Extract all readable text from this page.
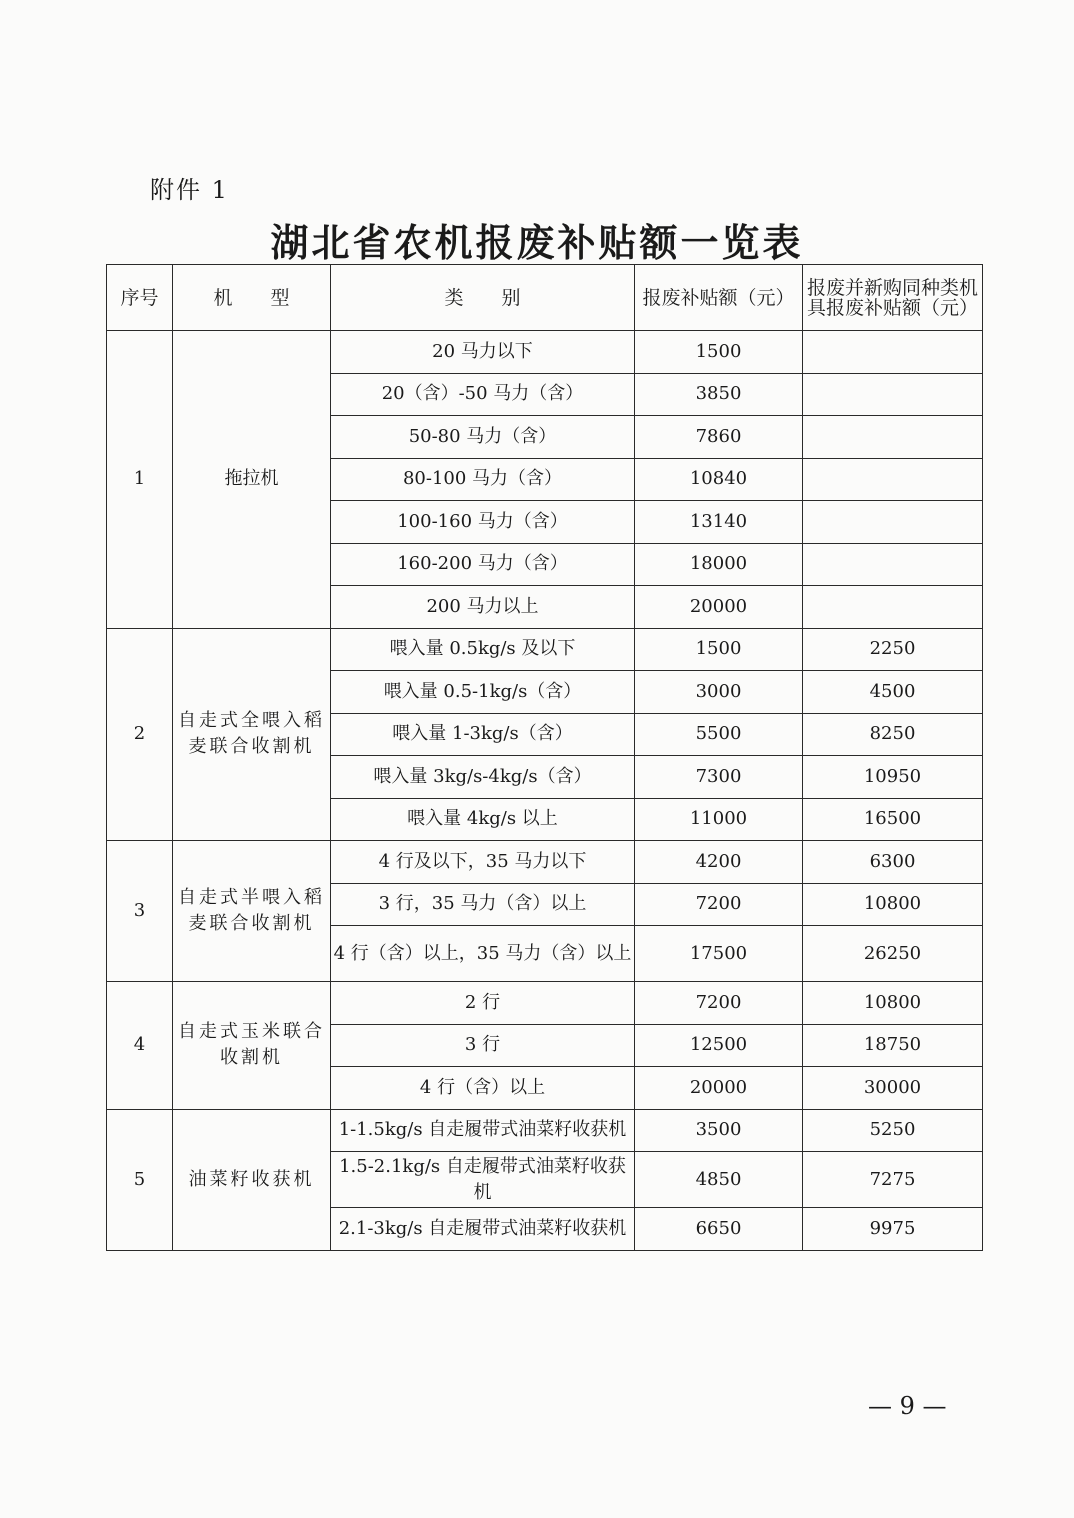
附件 1
湖北省农机报废补贴额一览表
序号	机　　型	类　　别	报废补贴额（元）	报废并新购同种类机具报废补贴额（元）
1	拖拉机	20 马力以下	1500	
		20（含）-50 马力（含）	3850	
		50-80 马力（含）	7860	
		80-100 马力（含）	10840	
		100-160 马力（含）	13140	
		160-200 马力（含）	18000	
		200 马力以上	20000	
2	自走式全喂入稻麦联合收割机	喂入量 0.5kg/s 及以下	1500	2250
		喂入量 0.5-1kg/s（含）	3000	4500
		喂入量 1-3kg/s（含）	5500	8250
		喂入量 3kg/s-4kg/s（含）	7300	10950
		喂入量 4kg/s 以上	11000	16500
3	自走式半喂入稻麦联合收割机	4 行及以下，35 马力以下	4200	6300
		3 行，35 马力（含）以上	7200	10800
		4 行（含）以上，35 马力（含）以上	17500	26250
4	自走式玉米联合收割机	2 行	7200	10800
		3 行	12500	18750
		4 行（含）以上	20000	30000
5	油菜籽收获机	1-1.5kg/s 自走履带式油菜籽收获机	3500	5250
		1.5-2.1kg/s 自走履带式油菜籽收获机	4850	7275
		2.1-3kg/s 自走履带式油菜籽收获机	6650	9975
— 9 —
